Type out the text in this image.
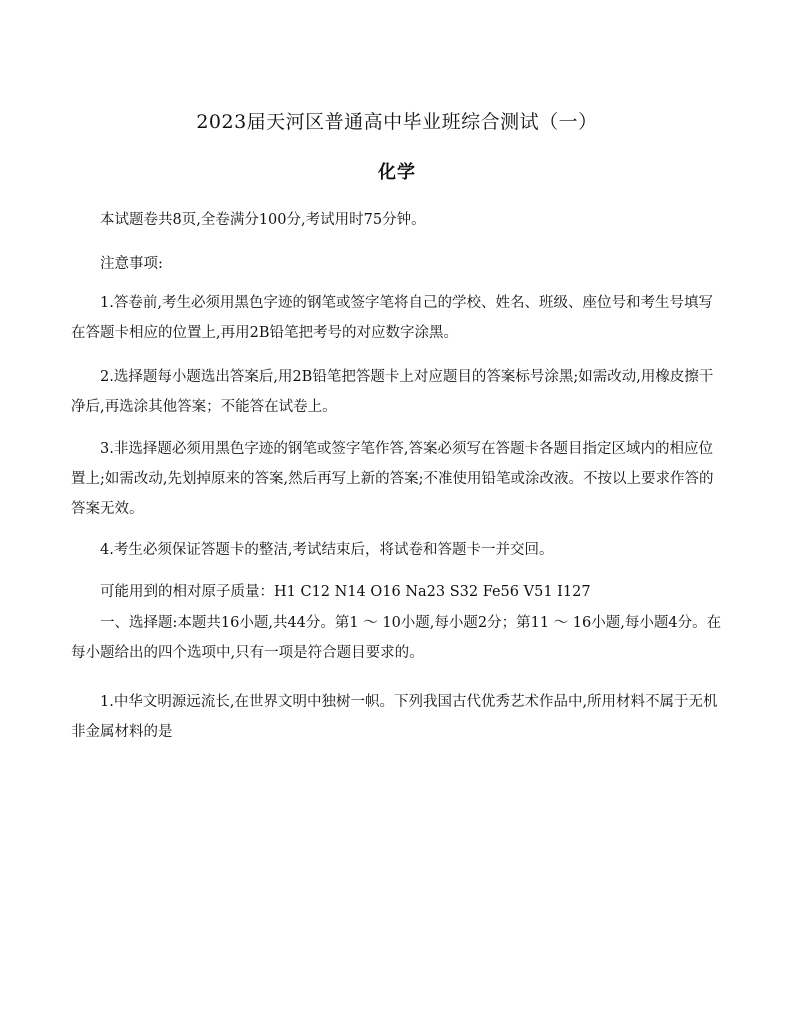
2023届天河区普通高中毕业班综合测试（一）
化学

本试题卷共8页,全卷满分100分,考试用时75分钟。

注意事项:

1.答卷前,考生必须用黑色字迹的钢笔或签字笔将自己的学校、姓名、班级、座位号和考生号填写在答题卡相应的位置上,再用2B铅笔把考号的对应数字涂黑。

2.选择题每小题选出答案后,用2B铅笔把答题卡上对应题目的答案标号涂黑;如需改动,用橡皮擦干净后,再选涂其他答案；不能答在试卷上。

3.非选择题必须用黑色字迹的钢笔或签字笔作答,答案必须写在答题卡各题目指定区域内的相应位置上;如需改动,先划掉原来的答案,然后再写上新的答案;不准使用铅笔或涂改液。不按以上要求作答的答案无效。

4.考生必须保证答题卡的整洁,考试结束后，将试卷和答题卡一并交回。

可能用到的相对原子质量：H1 C12 N14 O16 Na23 S32 Fe56 V51 I127

一、选择题:本题共16小题,共44分。第1 ～ 10小题,每小题2分；第11 ～ 16小题,每小题4分。在每小题给出的四个选项中,只有一项是符合题目要求的。

1.中华文明源远流长,在世界文明中独树一帜。下列我国古代优秀艺术作品中,所用材料不属于无机非金属材料的是
